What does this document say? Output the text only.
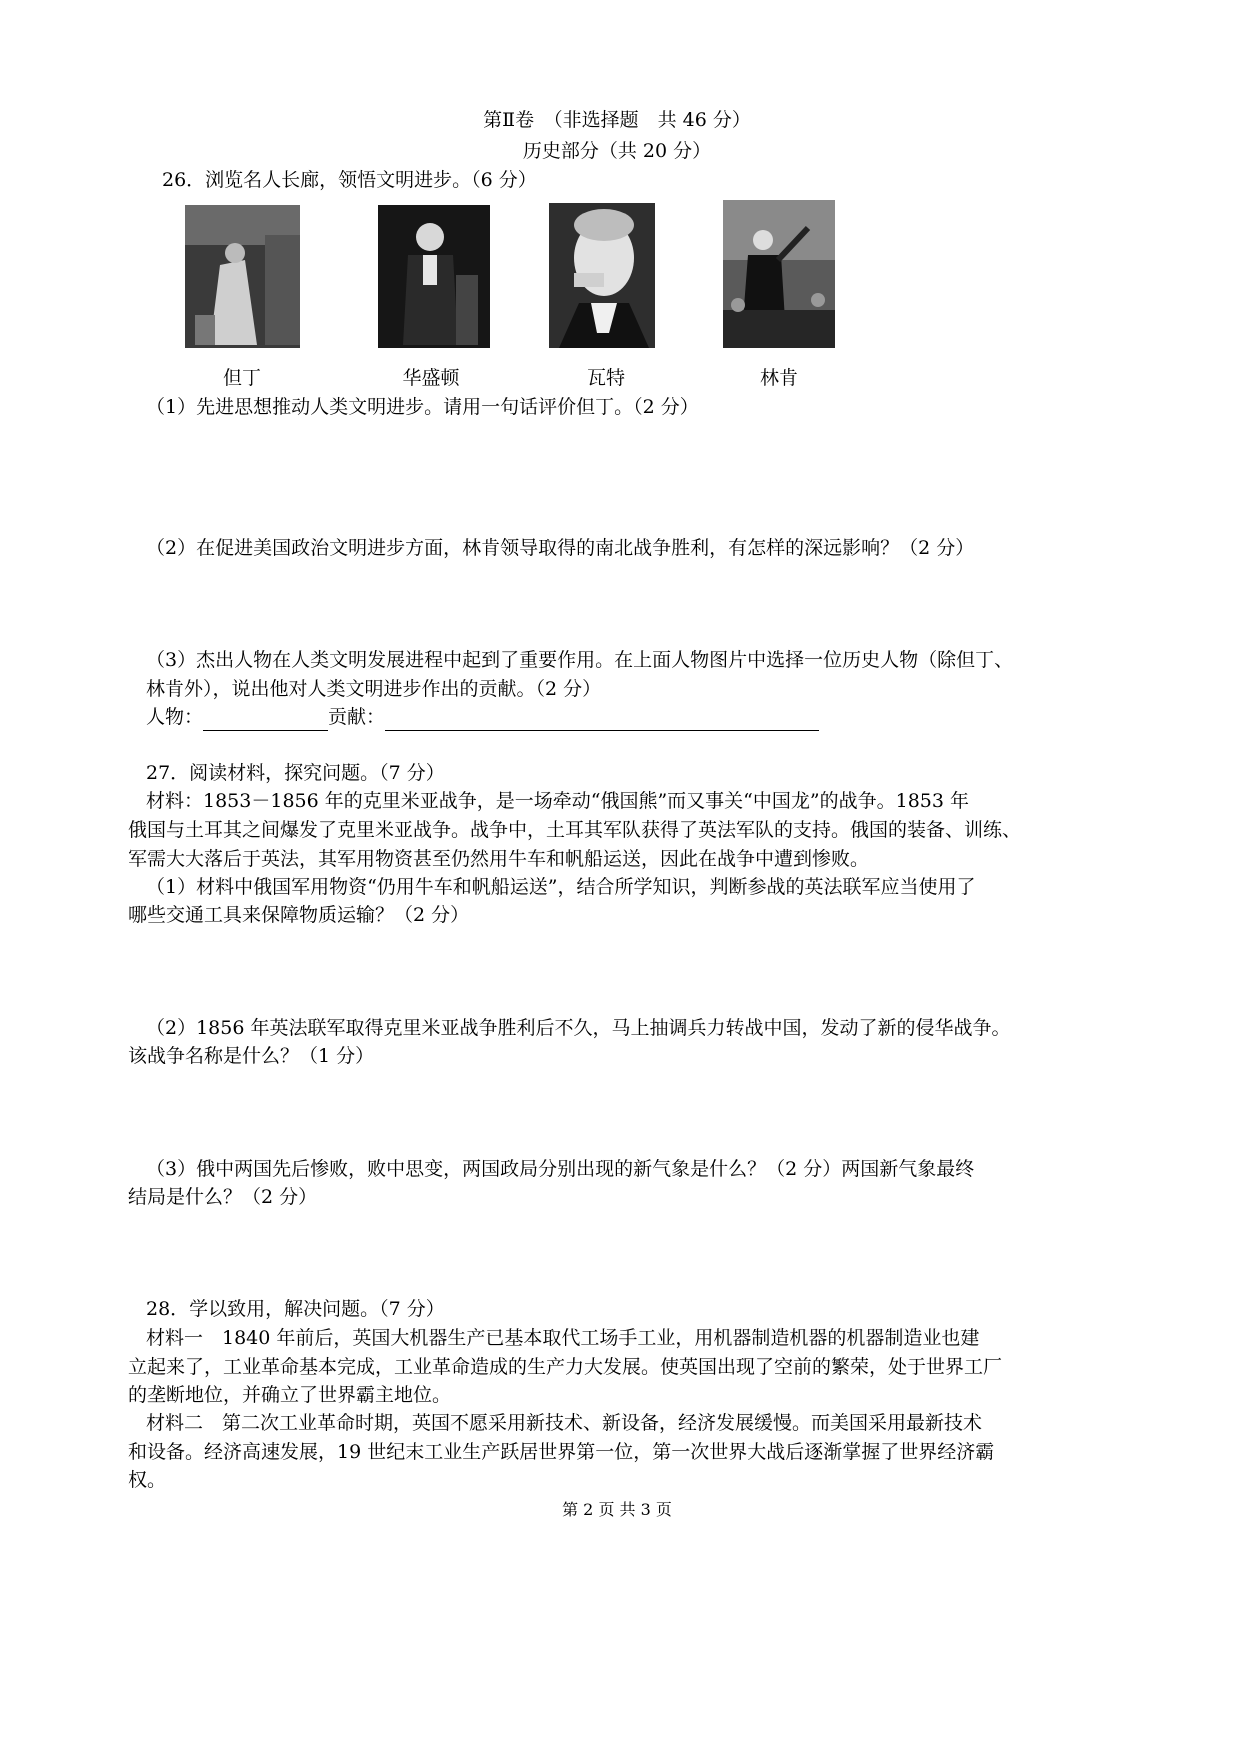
第Ⅱ卷　（非选择题　共 46 分）
历史部分（共 20 分）
26．浏览名人长廊，领悟文明进步。（6 分）
但丁	华盛顿	瓦特	林肯
（1）先进思想推动人类文明进步。请用一句话评价但丁。（2 分）
（2）在促进美国政治文明进步方面，林肯领导取得的南北战争胜利，有怎样的深远影响？（2 分）
（3）杰出人物在人类文明发展进程中起到了重要作用。在上面人物图片中选择一位历史人物（除但丁、
林肯外），说出他对人类文明进步作出的贡献。（2 分）
人物：	贡献：
27．阅读材料，探究问题。（7 分）
材料：1853－1856 年的克里米亚战争，是一场牵动“俄国熊”而又事关“中国龙”的战争。1853 年
俄国与土耳其之间爆发了克里米亚战争。战争中，土耳其军队获得了英法军队的支持。俄国的装备、训练、
军需大大落后于英法，其军用物资甚至仍然用牛车和帆船运送，因此在战争中遭到惨败。
（1）材料中俄国军用物资“仍用牛车和帆船运送”，结合所学知识，判断参战的英法联军应当使用了
哪些交通工具来保障物质运输？（2 分）
（2）1856 年英法联军取得克里米亚战争胜利后不久，马上抽调兵力转战中国，发动了新的侵华战争。
该战争名称是什么？（1 分）
（3）俄中两国先后惨败，败中思变，两国政局分别出现的新气象是什么？（2 分）两国新气象最终
结局是什么？（2 分）
28．学以致用，解决问题。（7 分）
材料一　1840 年前后，英国大机器生产已基本取代工场手工业，用机器制造机器的机器制造业也建
立起来了，工业革命基本完成，工业革命造成的生产力大发展。使英国出现了空前的繁荣，处于世界工厂
的垄断地位，并确立了世界霸主地位。
材料二　第二次工业革命时期，英国不愿采用新技术、新设备，经济发展缓慢。而美国采用最新技术
和设备。经济高速发展，19 世纪末工业生产跃居世界第一位，第一次世界大战后逐渐掌握了世界经济霸
权。
第 2 页 共 3 页
